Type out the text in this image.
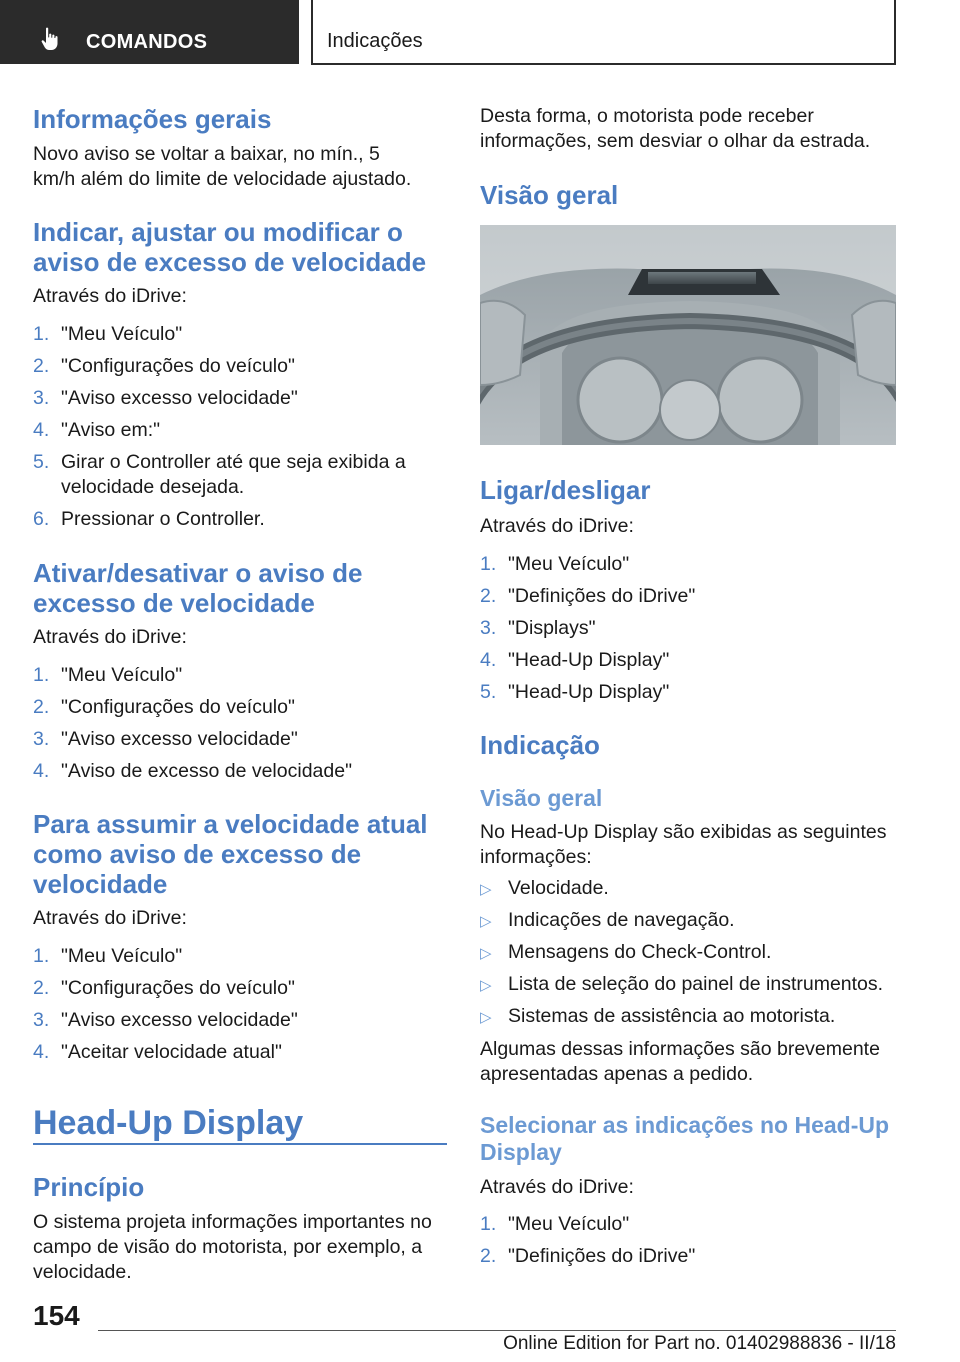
COMANDOS	Indicações
Informações gerais
Novo aviso se voltar a baixar, no mín., 5 km/h além do limite de velocidade ajustado.
Indicar, ajustar ou modificar o aviso de excesso de velocidade
Através do iDrive:
1. "Meu Veículo"
2. "Configurações do veículo"
3. "Aviso excesso velocidade"
4. "Aviso em:"
5. Girar o Controller até que seja exibida a velocidade desejada.
6. Pressionar o Controller.
Ativar/desativar o aviso de excesso de velocidade
Através do iDrive:
1. "Meu Veículo"
2. "Configurações do veículo"
3. "Aviso excesso velocidade"
4. "Aviso de excesso de velocidade"
Para assumir a velocidade atual como aviso de excesso de velocidade
Através do iDrive:
1. "Meu Veículo"
2. "Configurações do veículo"
3. "Aviso excesso velocidade"
4. "Aceitar velocidade atual"
Head-Up Display
Princípio
O sistema projeta informações importantes no campo de visão do motorista, por exemplo, a velocidade.
Desta forma, o motorista pode receber informações, sem desviar o olhar da estrada.
Visão geral
Ligar/desligar
Através do iDrive:
1. "Meu Veículo"
2. "Definições do iDrive"
3. "Displays"
4. "Head-Up Display"
5. "Head-Up Display"
Indicação
Visão geral
No Head-Up Display são exibidas as seguintes informações:
▷ Velocidade.
▷ Indicações de navegação.
▷ Mensagens do Check-Control.
▷ Lista de seleção do painel de instrumentos.
▷ Sistemas de assistência ao motorista.
Algumas dessas informações são brevemente apresentadas apenas a pedido.
Selecionar as indicações no Head-Up Display
Através do iDrive:
1. "Meu Veículo"
2. "Definições do iDrive"
154
Online Edition for Part no. 01402988836 - II/18
